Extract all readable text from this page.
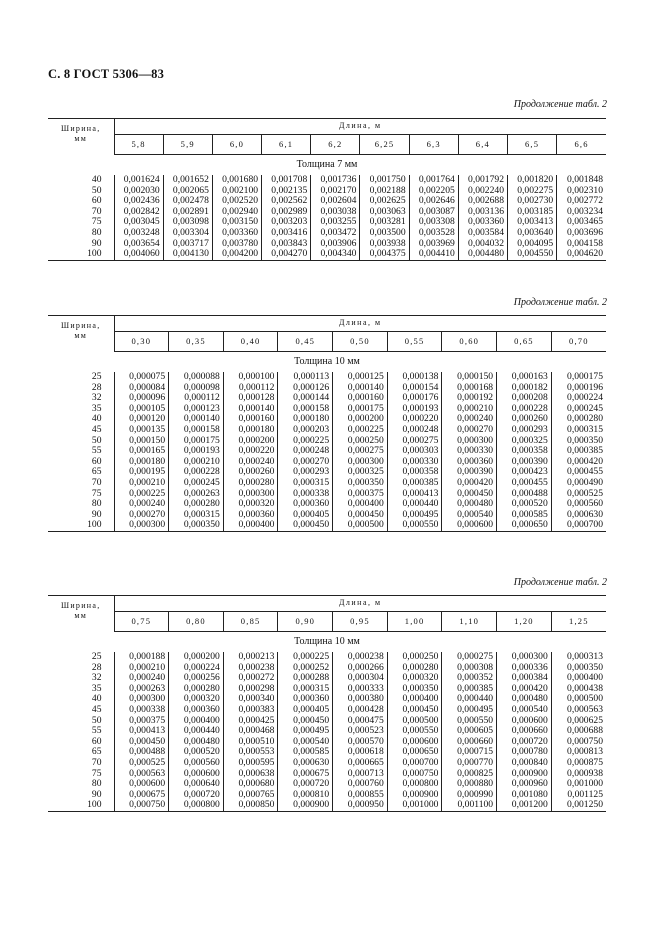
С. 8 ГОСТ 5306—83
Продолжение табл. 2
Ширина,
мм	Длина, м									
	5,8	5,9	6,0	6,1	6,2	6,25	6,3	6,4	6,5	6,6
Толщина 7 мм										
40	0,001624	0,001652	0,001680	0,001708	0,001736	0,001750	0,001764	0,001792	0,001820	0,001848
50	0,002030	0,002065	0,002100	0,002135	0,002170	0,002188	0,002205	0,002240	0,002275	0,002310
60	0,002436	0,002478	0,002520	0,002562	0,002604	0,002625	0,002646	0,002688	0,002730	0,002772
70	0,002842	0,002891	0,002940	0,002989	0,003038	0,003063	0,003087	0,003136	0,003185	0,003234
75	0,003045	0,003098	0,003150	0,003203	0,003255	0,003281	0,003308	0,003360	0,003413	0,003465
80	0,003248	0,003304	0,003360	0,003416	0,003472	0,003500	0,003528	0,003584	0,003640	0,003696
90	0,003654	0,003717	0,003780	0,003843	0,003906	0,003938	0,003969	0,004032	0,004095	0,004158
100	0,004060	0,004130	0,004200	0,004270	0,004340	0,004375	0,004410	0,004480	0,004550	0,004620
Продолжение табл. 2
Ширина,
мм	Длина, м								
	0,30	0,35	0,40	0,45	0,50	0,55	0,60	0,65	0,70
Толщина 10 мм									
25	0,000075	0,000088	0,000100	0,000113	0,000125	0,000138	0,000150	0,000163	0,000175
28	0,000084	0,000098	0,000112	0,000126	0,000140	0,000154	0,000168	0,000182	0,000196
32	0,000096	0,000112	0,000128	0,000144	0,000160	0,000176	0,000192	0,000208	0,000224
35	0,000105	0,000123	0,000140	0,000158	0,000175	0,000193	0,000210	0,000228	0,000245
40	0,000120	0,000140	0,000160	0,000180	0,000200	0,000220	0,000240	0,000260	0,000280
45	0,000135	0,000158	0,000180	0,000203	0,000225	0,000248	0,000270	0,000293	0,000315
50	0,000150	0,000175	0,000200	0,000225	0,000250	0,000275	0,000300	0,000325	0,000350
55	0,000165	0,000193	0,000220	0,000248	0,000275	0,000303	0,000330	0,000358	0,000385
60	0,000180	0,000210	0,000240	0,000270	0,000300	0,000330	0,000360	0,000390	0,000420
65	0,000195	0,000228	0,000260	0,000293	0,000325	0,000358	0,000390	0,000423	0,000455
70	0,000210	0,000245	0,000280	0,000315	0,000350	0,000385	0,000420	0,000455	0,000490
75	0,000225	0,000263	0,000300	0,000338	0,000375	0,000413	0,000450	0,000488	0,000525
80	0,000240	0,000280	0,000320	0,000360	0,000400	0,000440	0,000480	0,000520	0,000560
90	0,000270	0,000315	0,000360	0,000405	0,000450	0,000495	0,000540	0,000585	0,000630
100	0,000300	0,000350	0,000400	0,000450	0,000500	0,000550	0,000600	0,000650	0,000700
Продолжение табл. 2
Ширина,
мм	Длина, м								
	0,75	0,80	0,85	0,90	0,95	1,00	1,10	1,20	1,25
Толщина 10 мм									
25	0,000188	0,000200	0,000213	0,000225	0,000238	0,000250	0,000275	0,000300	0,000313
28	0,000210	0,000224	0,000238	0,000252	0,000266	0,000280	0,000308	0,000336	0,000350
32	0,000240	0,000256	0,000272	0,000288	0,000304	0,000320	0,000352	0,000384	0,000400
35	0,000263	0,000280	0,000298	0,000315	0,000333	0,000350	0,000385	0,000420	0,000438
40	0,000300	0,000320	0,000340	0,000360	0,000380	0,000400	0,000440	0,000480	0,000500
45	0,000338	0,000360	0,000383	0,000405	0,000428	0,000450	0,000495	0,000540	0,000563
50	0,000375	0,000400	0,000425	0,000450	0,000475	0,000500	0,000550	0,000600	0,000625
55	0,000413	0,000440	0,000468	0,000495	0,000523	0,000550	0,000605	0,000660	0,000688
60	0,000450	0,000480	0,000510	0,000540	0,000570	0,000600	0,000660	0,000720	0,000750
65	0,000488	0,000520	0,000553	0,000585	0,000618	0,000650	0,000715	0,000780	0,000813
70	0,000525	0,000560	0,000595	0,000630	0,000665	0,000700	0,000770	0,000840	0,000875
75	0,000563	0,000600	0,000638	0,000675	0,000713	0,000750	0,000825	0,000900	0,000938
80	0,000600	0,000640	0,000680	0,000720	0,000760	0,000800	0,000880	0,000960	0,001000
90	0,000675	0,000720	0,000765	0,000810	0,000855	0,000900	0,000990	0,001080	0,001125
100	0,000750	0,000800	0,000850	0,000900	0,000950	0,001000	0,001100	0,001200	0,001250
